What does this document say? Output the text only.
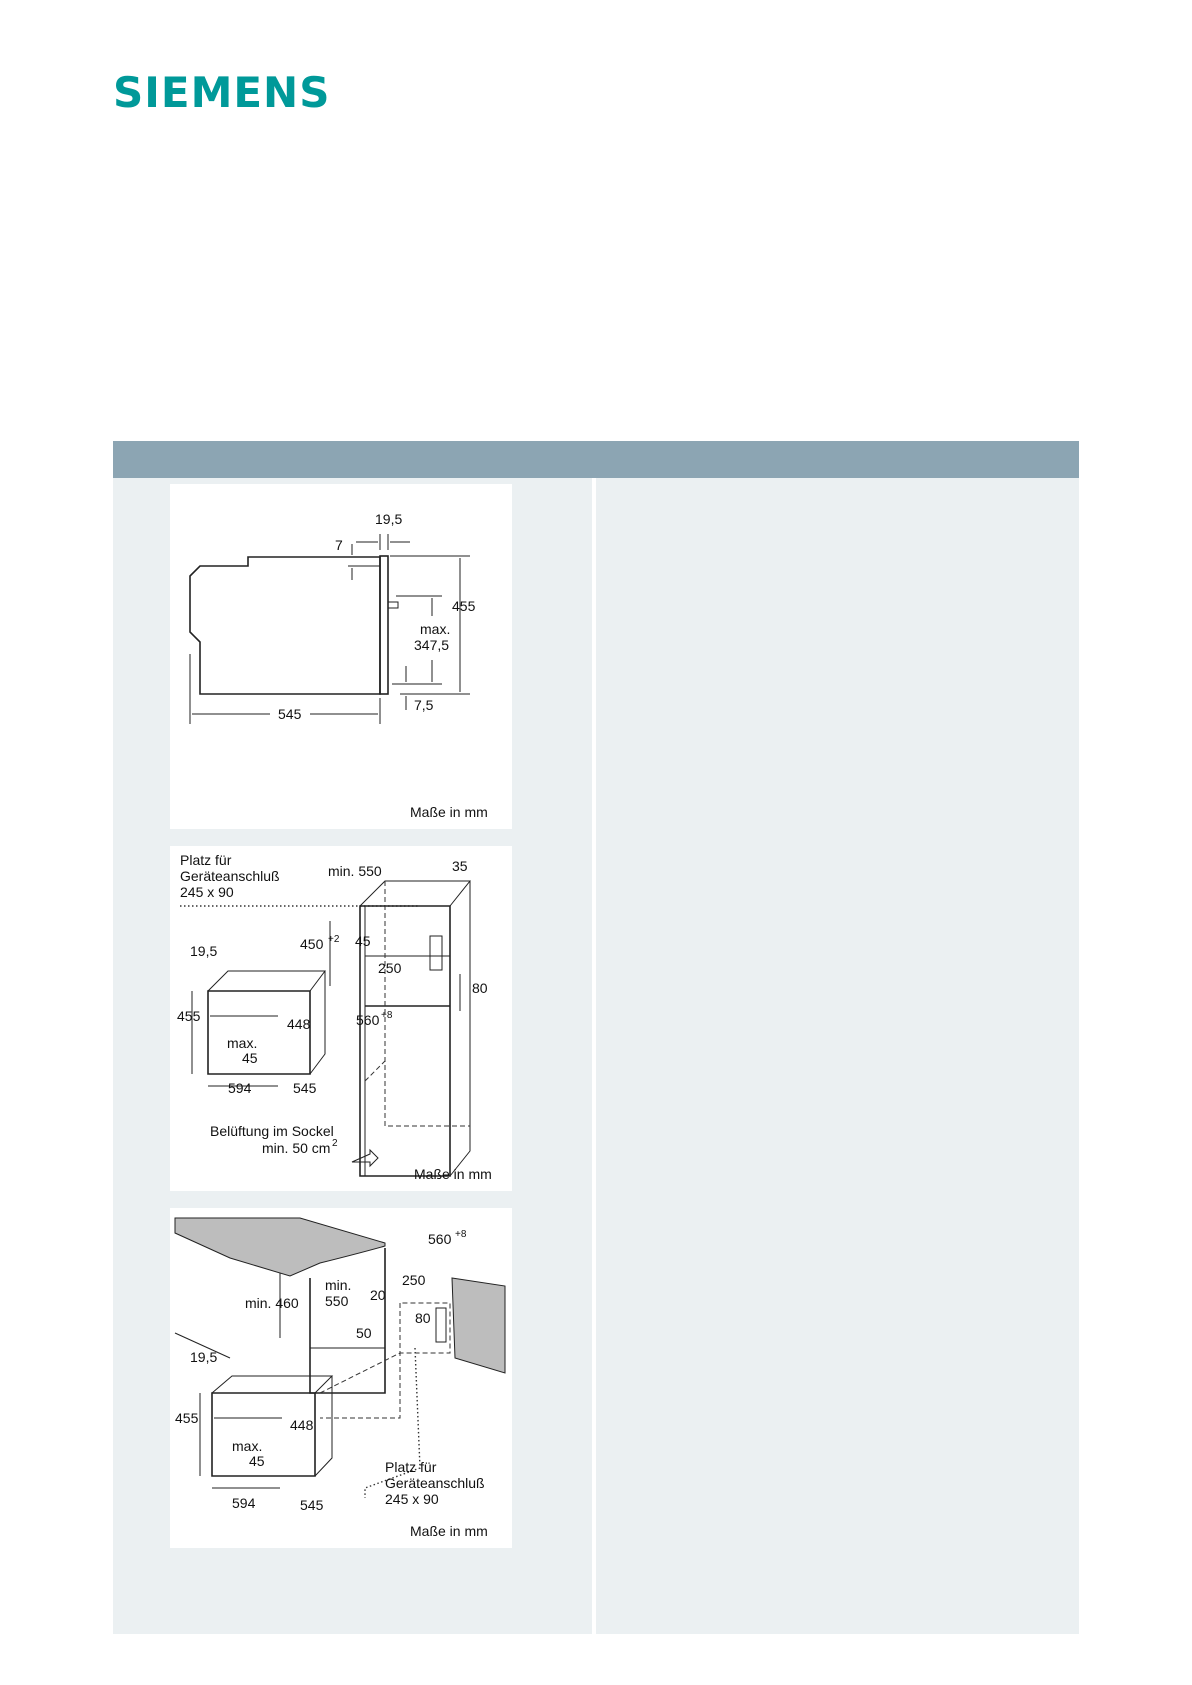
SIEMENS
19,5
7
455
max.
347,5
7,5
545
Maße in mm
Platz für
Geräteanschluß
245 x 90
min. 550	35
450 +2 45
250
80
560 +8
19,5
455	448
max.
45
594	545
Belüftung im Sockel
min. 50 cm 2
Maße in mm
560 +8
min.
550
250
20
min. 460
80
50
19,5
455	448
max.
45
594	545
Platz für
Geräteanschluß
245 x 90
Maße in mm
